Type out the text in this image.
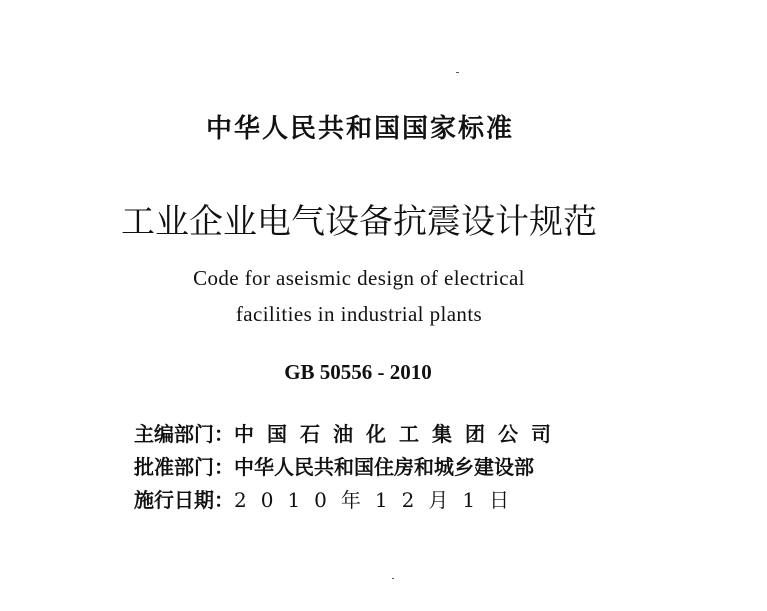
中华人民共和国国家标准
工业企业电气设备抗震设计规范
Code for aseismic design of electrical
facilities in industrial plants
GB 50556 - 2010
主编部门： 中国石油化工集团公司
批准部门： 中华人民共和国住房和城乡建设部
施行日期： 2010年12月1日
